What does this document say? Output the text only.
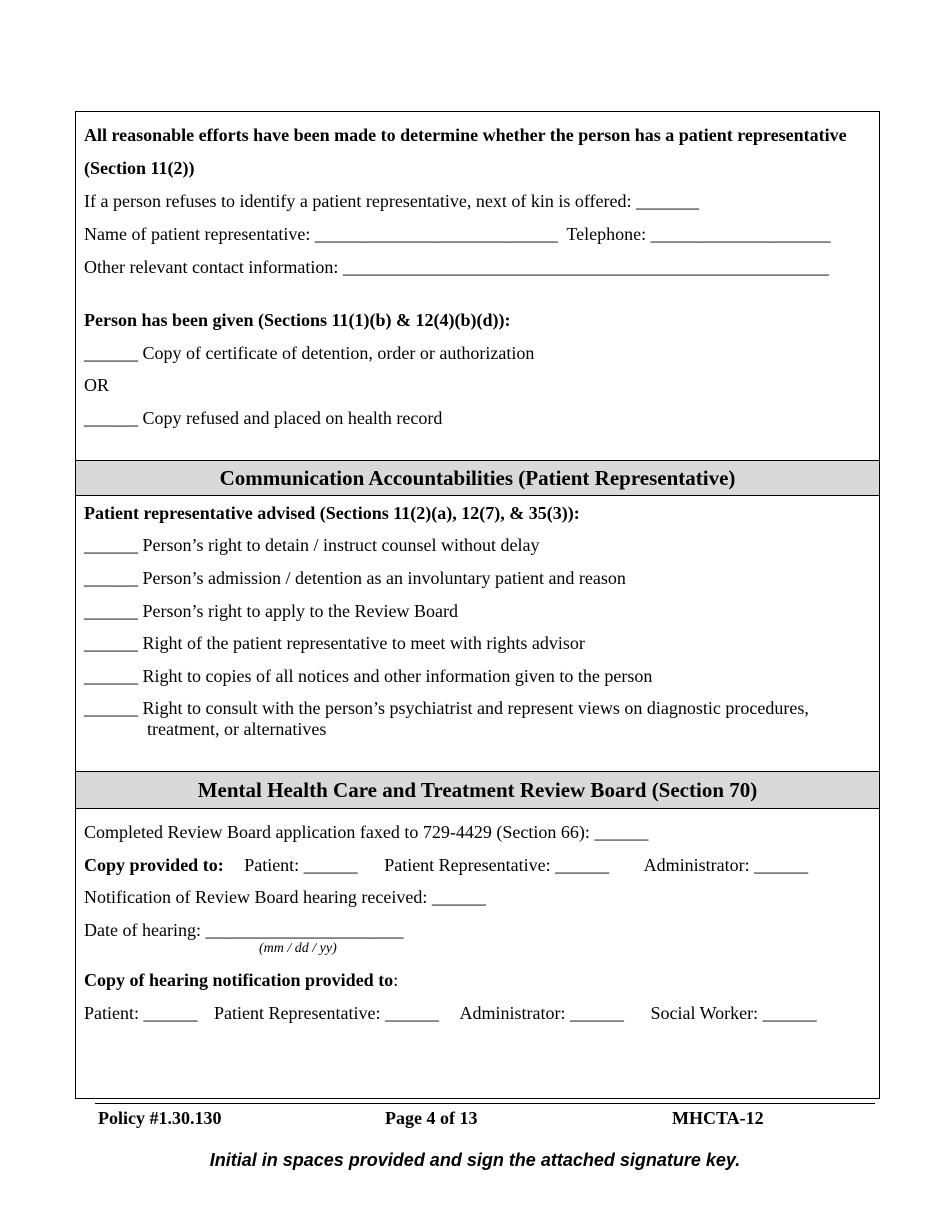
All reasonable efforts have been made to determine whether the person has a patient representative
(Section 11(2))
If a person refuses to identify a patient representative, next of kin is offered: _______
Name of patient representative: ___________________________ Telephone: ____________________
Other relevant contact information: ______________________________________________________
Person has been given (Sections 11(1)(b) & 12(4)(b)(d)):
______ Copy of certificate of detention, order or authorization
OR
______ Copy refused and placed on health record
Communication Accountabilities (Patient Representative)
Patient representative advised (Sections 11(2)(a), 12(7), & 35(3)):
______ Person’s right to detain / instruct counsel without delay
______ Person’s admission / detention as an involuntary patient and reason
______ Person’s right to apply to the Review Board
______ Right of the patient representative to meet with rights advisor
______ Right to copies of all notices and other information given to the person
______ Right to consult with the person’s psychiatrist and represent views on diagnostic procedures,
treatment, or alternatives
Mental Health Care and Treatment Review Board (Section 70)
Completed Review Board application faxed to 729-4429 (Section 66): ______
Copy provided to: Patient: ______ Patient Representative: ______ Administrator: ______
Notification of Review Board hearing received: ______
Date of hearing: ______________________
(mm / dd / yy)
Copy of hearing notification provided to:
Patient: ______ Patient Representative: ______ Administrator: ______ Social Worker: ______
Policy #1.30.130	Page 4 of 13	MHCTA-12
Initial in spaces provided and sign the attached signature key.
